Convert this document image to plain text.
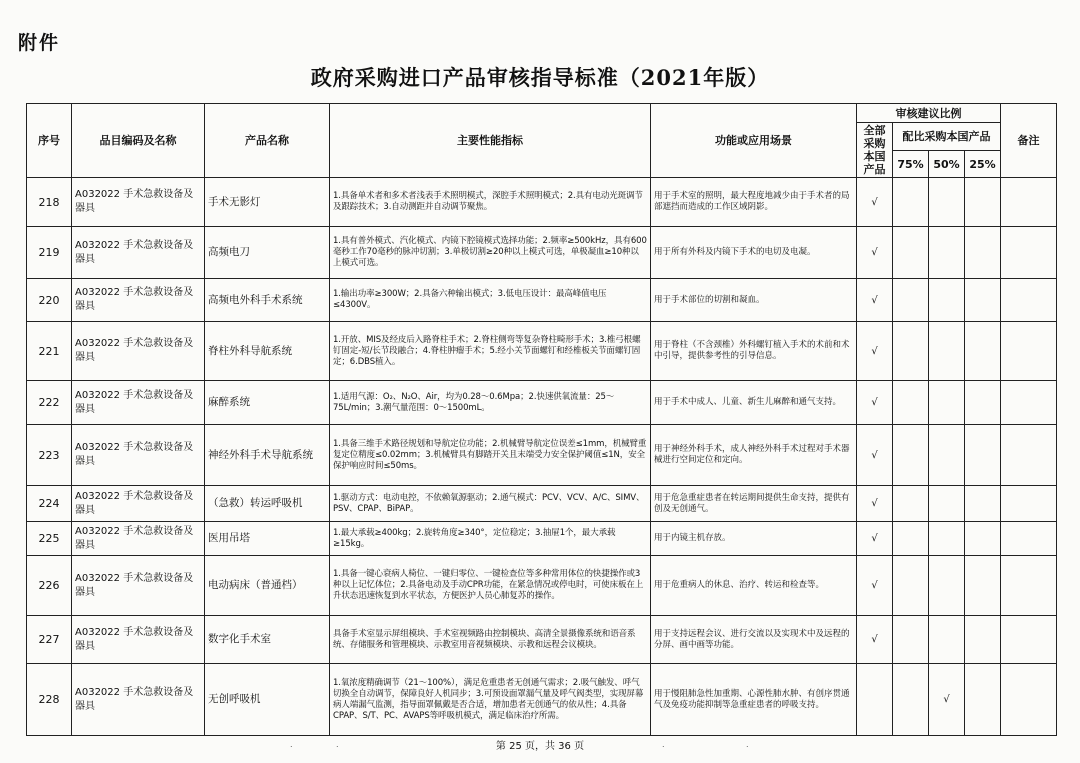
附件
政府采购进口产品审核指导标准（2021年版）
序号	品目编码及名称	产品名称	主要性能指标	功能或应用场景	审核建议比例				备注
					全部采购本国产品	配比采购本国产品			
						75%	50%	25%	
218	A032022 手术急救设备及器具	手术无影灯	1.具备单术者和多术者浅表手术照明模式，深腔手术照明模式；2.具有电动光斑调节及跟踪技术；3.自动测距并自动调节聚焦。	用于手术室的照明，最大程度地减少由于手术者的局部遮挡而造成的工作区域阴影。	√				
219	A032022 手术急救设备及器具	高频电刀	1.具有普外模式、汽化模式、内镜下腔镜模式选择功能；2.频率≥500kHz，具有600毫秒工作70毫秒的脉冲切割；3.单极切割≥20种以上模式可选，单极凝血≥10种以上模式可选。	用于所有外科及内镜下手术的电切及电凝。	√				
220	A032022 手术急救设备及器具	高频电外科手术系统	1.输出功率≥300W；2.具备六种输出模式；3.低电压设计：最高峰值电压≤4300V。	用于手术部位的切割和凝血。	√				
221	A032022 手术急救设备及器具	脊柱外科导航系统	1.开放、MIS及经皮后入路脊柱手术；2.脊柱侧弯等复杂脊柱畸形手术；3.椎弓根螺钉固定-短/长节段融合；4.脊柱肿瘤手术；5.经小关节面螺钉和经椎板关节面螺钉固定；6.DBS植入。	用于脊柱（不含颈椎）外科螺钉植入手术的术前和术中引导，提供参考性的引导信息。	√				
222	A032022 手术急救设备及器具	麻醉系统	1.适用气源：O₂、N₂O、Air，均为0.28～0.6Mpa；2.快速供氧流量：25～75L/min；3.潮气量范围：0～1500mL。	用于手术中成人、儿童、新生儿麻醉和通气支持。	√				
223	A032022 手术急救设备及器具	神经外科手术导航系统	1.具备三维手术路径规划和导航定位功能；2.机械臂导航定位误差≤1mm，机械臂重复定位精度≤0.02mm；3.机械臂具有脚踏开关且末端受力安全保护阈值≤1N，安全保护响应时间≤50ms。	用于神经外科手术，成人神经外科手术过程对手术器械进行空间定位和定向。	√				
224	A032022 手术急救设备及器具	（急救）转运呼吸机	1.驱动方式：电动电控，不依赖氧源驱动；2.通气模式：PCV、VCV、A/C、SIMV、PSV、CPAP、BiPAP。	用于危急重症患者在转运期间提供生命支持，提供有创及无创通气。	√				
225	A032022 手术急救设备及器具	医用吊塔	1.最大承载≥400kg；2.旋转角度≥340°，定位稳定；3.抽屉1个，最大承载≥15kg。	用于内镜主机存放。	√				
226	A032022 手术急救设备及器具	电动病床（普通档）	1.具备一键心衰病人椅位、一键归零位、一键检查位等多种常用体位的快捷操作或3种以上记忆体位；2.具备电动及手动CPR功能，在紧急情况或停电时，可使床板在上升状态迅速恢复到水平状态，方便医护人员心肺复苏的操作。	用于危重病人的休息、治疗、转运和检查等。	√				
227	A032022 手术急救设备及器具	数字化手术室	具备手术室显示屏组模块、手术室视频路由控制模块、高清全景摄像系统和语音系统、存储服务和管理模块、示教室用音视频模块、示教和远程会议模块。	用于支持远程会议、进行交流以及实现术中及远程的分屏、画中画等功能。	√				
228	A032022 手术急救设备及器具	无创呼吸机	1.氧浓度精确调节（21～100%），满足危重患者无创通气需求；2.吸气触发、呼气切换全自动调节，保障良好人机同步；3.可预设面罩漏气量及呼气阀类型，实现屏幕病人端漏气监测，指导面罩佩戴是否合适，增加患者无创通气的依从性；4.具备CPAP、S/T、PC、AVAPS等呼吸机模式，满足临床治疗所需。	用于慢阻肺急性加重期、心源性肺水肿、有创序贯通气及免疫功能抑制等急重症患者的呼吸支持。			√		
.	.	.	.
第 25 页，共 36 页
